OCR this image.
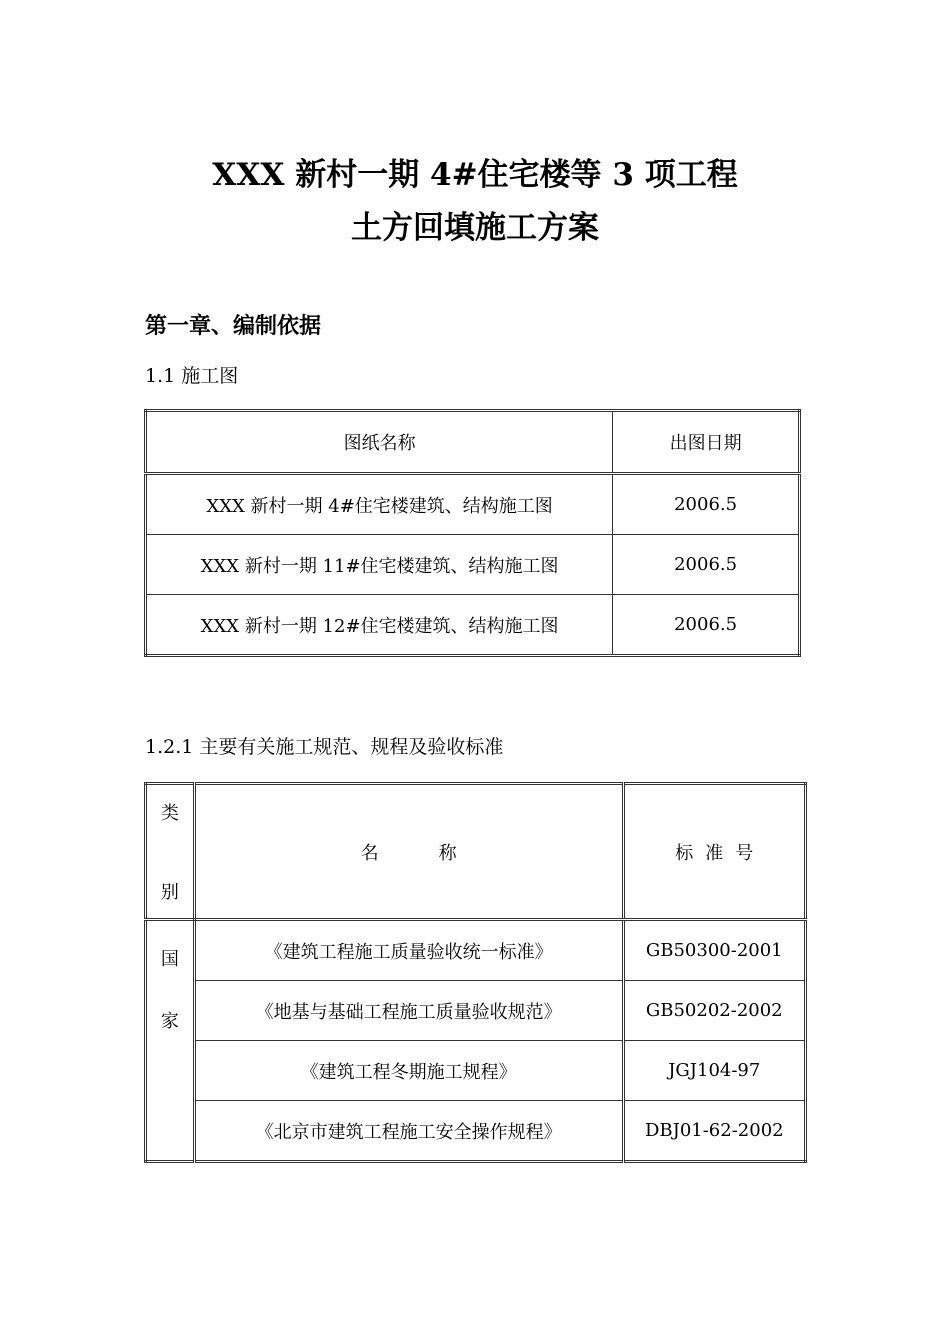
XXX 新村一期 4#住宅楼等 3 项工程
土方回填施工方案
第一章、编制依据

1.1 施工图

图纸名称	出图日期
XXX 新村一期 4#住宅楼建筑、结构施工图	2006.5
XXX 新村一期 11#住宅楼建筑、结构施工图	2006.5
XXX 新村一期 12#住宅楼建筑、结构施工图	2006.5

1.2.1 主要有关施工规范、规程及验收标准

类
别	名 称	标 准 号

国
家	《建筑工程施工质量验收统一标准》	GB50300-2001
	《地基与基础工程施工质量验收规范》	GB50202-2002
	《建筑工程冬期施工规程》	JGJ104-97
	《北京市建筑工程施工安全操作规程》	DBJ01-62-2002
